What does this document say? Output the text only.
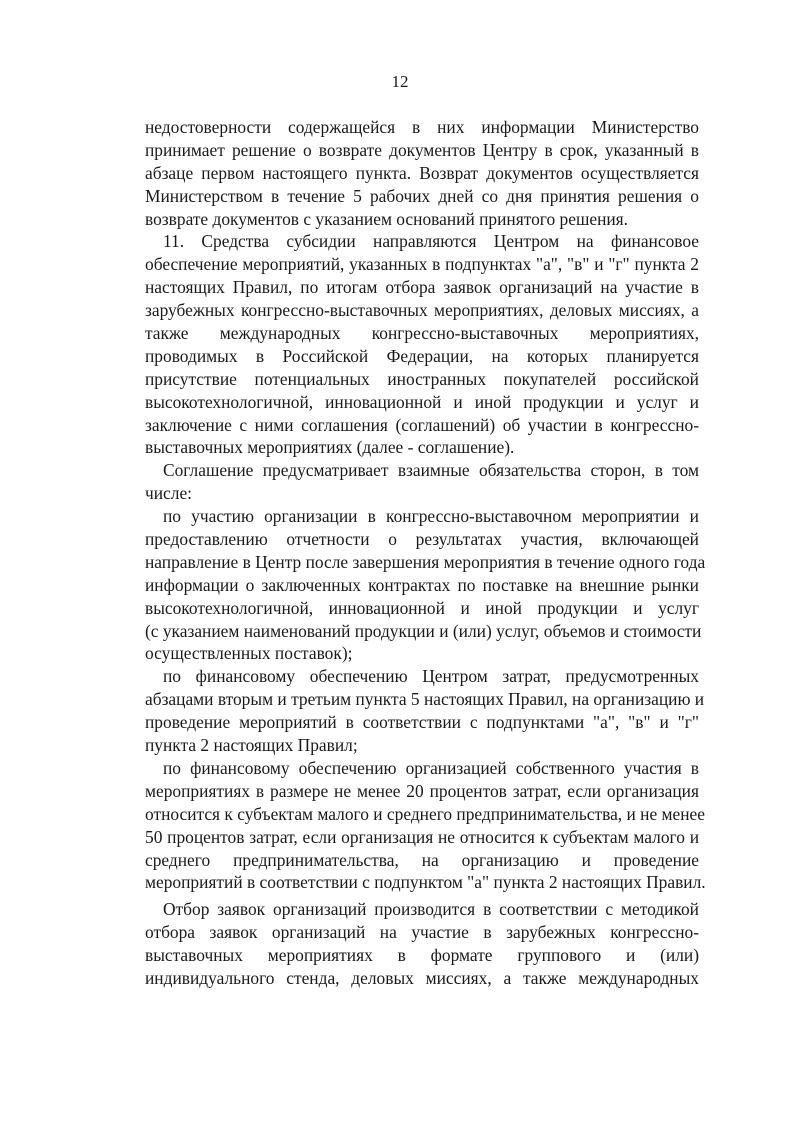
12
недостоверности содержащейся в них информации Министерство
принимает решение о возврате документов Центру в срок, указанный в
абзаце первом настоящего пункта. Возврат документов осуществляется
Министерством в течение 5 рабочих дней со дня принятия решения о
возврате документов с указанием оснований принятого решения.
11. Средства субсидии направляются Центром на финансовое
обеспечение мероприятий, указанных в подпунктах "а", "в" и "г" пункта 2
настоящих Правил, по итогам отбора заявок организаций на участие в
зарубежных конгрессно-выставочных мероприятиях, деловых миссиях, а
также международных конгрессно-выставочных мероприятиях,
проводимых в Российской Федерации, на которых планируется
присутствие потенциальных иностранных покупателей российской
высокотехнологичной, инновационной и иной продукции и услуг и
заключение с ними соглашения (соглашений) об участии в конгрессно-
выставочных мероприятиях (далее - соглашение).
Соглашение предусматривает взаимные обязательства сторон, в том
числе:
по участию организации в конгрессно-выставочном мероприятии и
предоставлению отчетности о результатах участия, включающей
направление в Центр после завершения мероприятия в течение одного года
информации о заключенных контрактах по поставке на внешние рынки
высокотехнологичной, инновационной и иной продукции и услуг
(с указанием наименований продукции и (или) услуг, объемов и стоимости
осуществленных поставок);
по финансовому обеспечению Центром затрат, предусмотренных
абзацами вторым и третьим пункта 5 настоящих Правил, на организацию и
проведение мероприятий в соответствии с подпунктами "а", "в" и "г"
пункта 2 настоящих Правил;
по финансовому обеспечению организацией собственного участия в
мероприятиях в размере не менее 20 процентов затрат, если организация
относится к субъектам малого и среднего предпринимательства, и не менее
50 процентов затрат, если организация не относится к субъектам малого и
среднего предпринимательства, на организацию и проведение
мероприятий в соответствии с подпунктом "а" пункта 2 настоящих Правил.
Отбор заявок организаций производится в соответствии с методикой
отбора заявок организаций на участие в зарубежных конгрессно-
выставочных мероприятиях в формате группового и (или)
индивидуального стенда, деловых миссиях, а также международных
